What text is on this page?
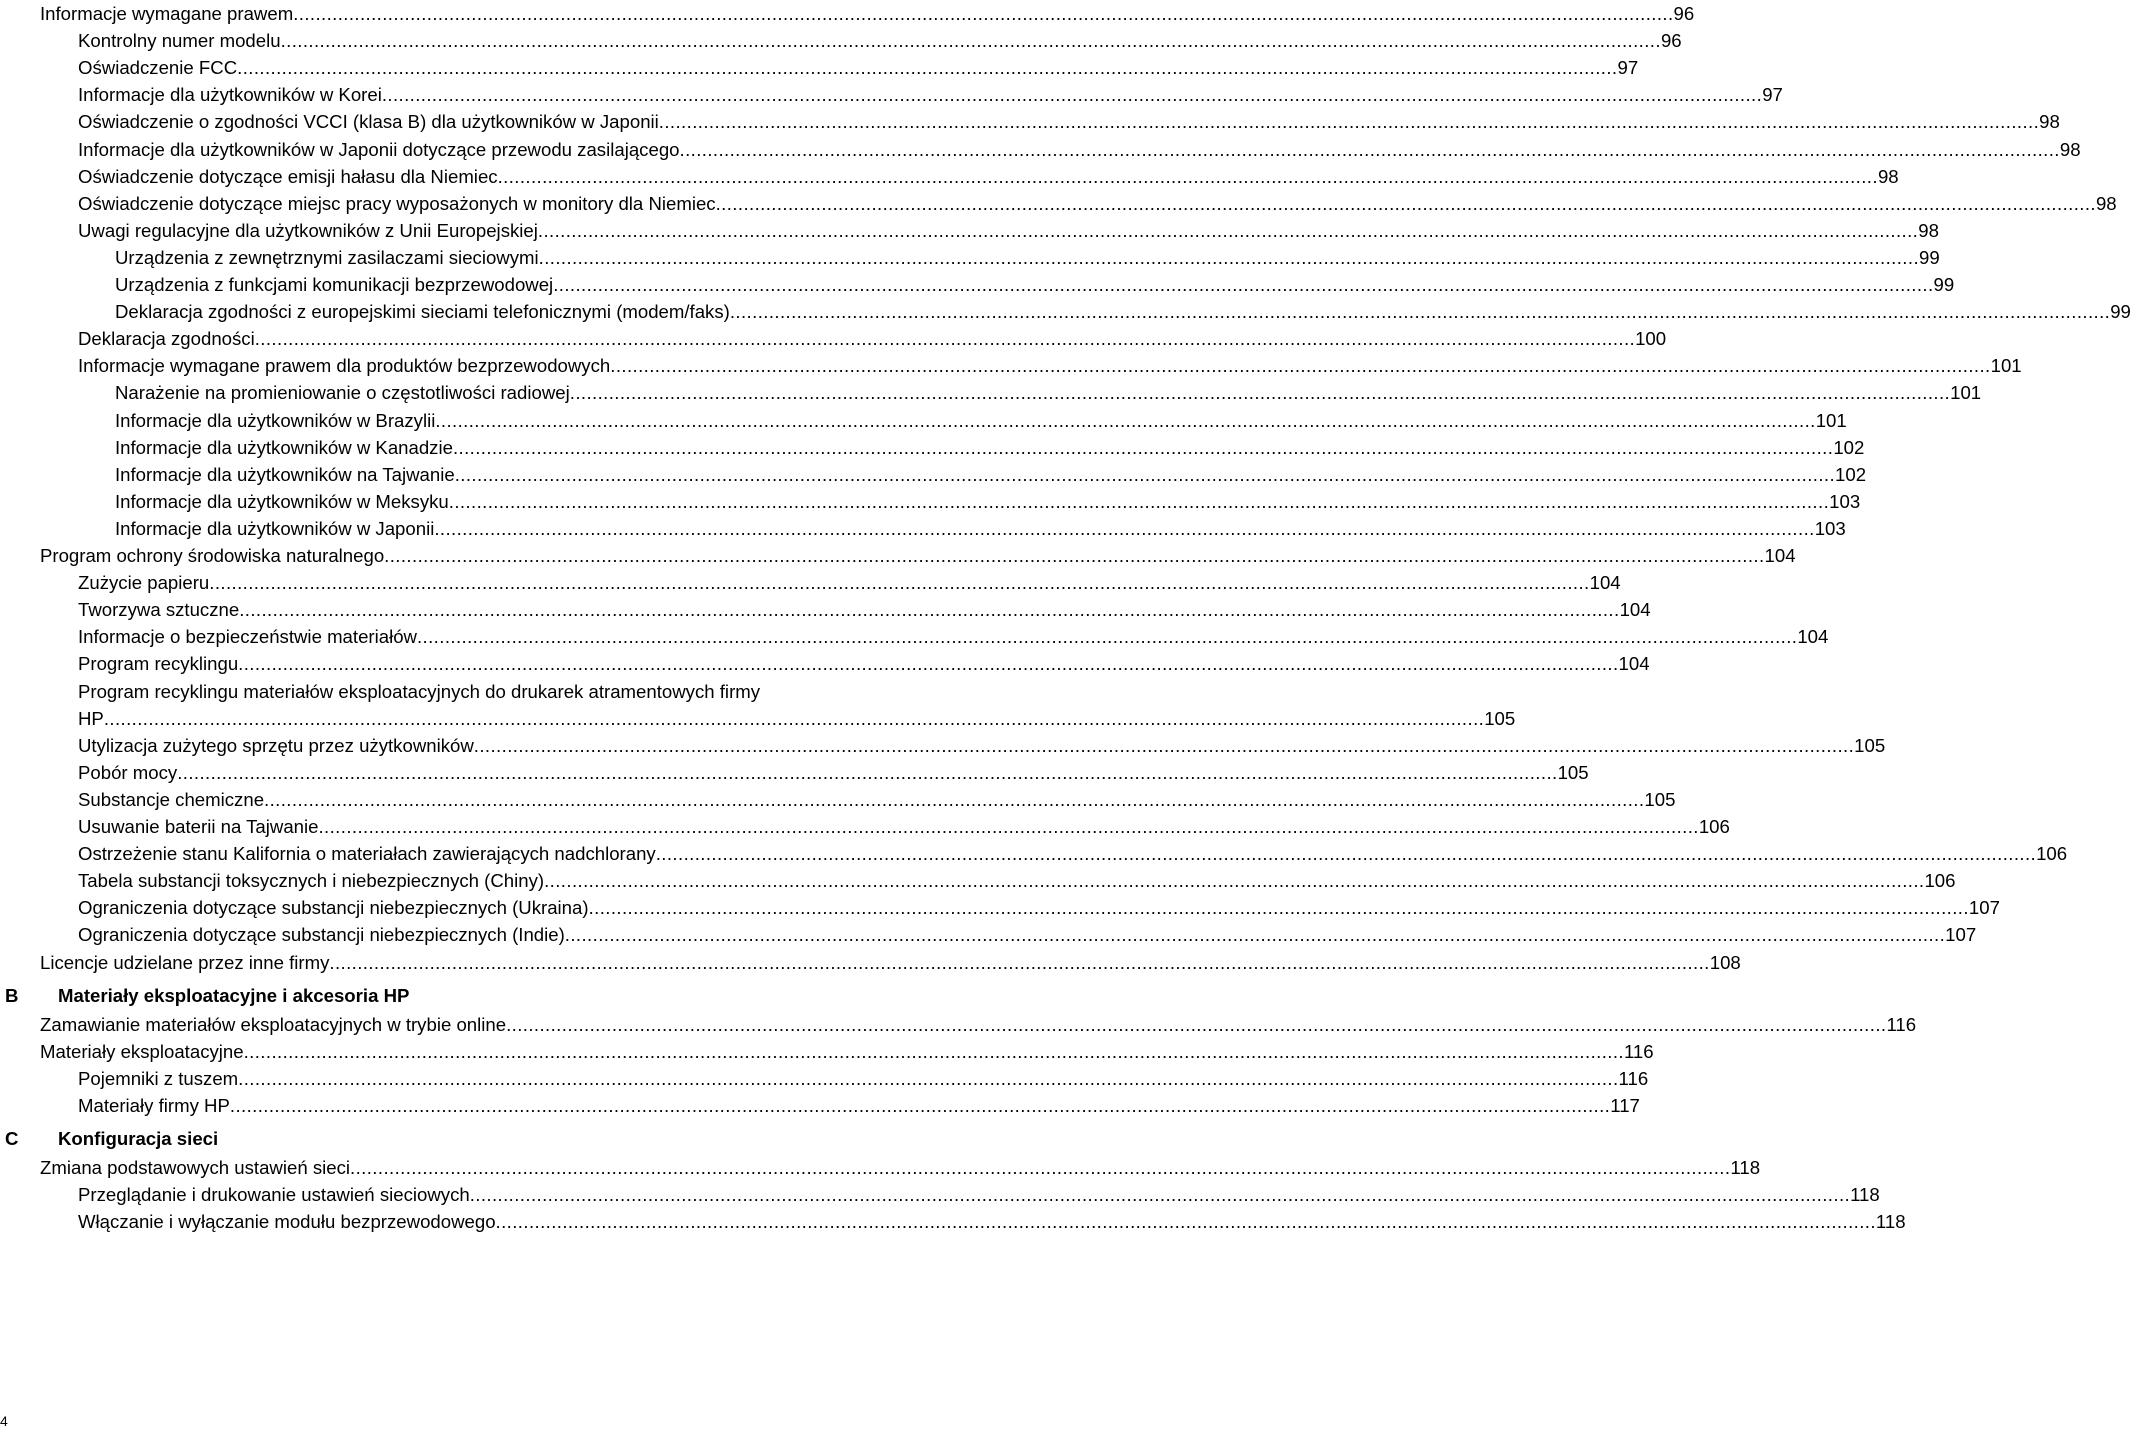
Informacje wymagane prawem .....	96
Kontrolny numer modelu .....	96
Oświadczenie FCC .....	97
Informacje dla użytkowników w Korei .....	97
Oświadczenie o zgodności VCCI (klasa B) dla użytkowników w Japonii .....	98
Informacje dla użytkowników w Japonii dotyczące przewodu zasilającego .....	98
Oświadczenie dotyczące emisji hałasu dla Niemiec .....	98
Oświadczenie dotyczące miejsc pracy wyposażonych w monitory dla Niemiec .....	98
Uwagi regulacyjne dla użytkowników z Unii Europejskiej .....	98
Urządzenia z zewnętrznymi zasilaczami sieciowymi .....	99
Urządzenia z funkcjami komunikacji bezprzewodowej .....	99
Deklaracja zgodności z europejskimi sieciami telefonicznymi (modem/faks) .....	99
Deklaracja zgodności .....	100
Informacje wymagane prawem dla produktów bezprzewodowych .....	101
Narażenie na promieniowanie o częstotliwości radiowej .....	101
Informacje dla użytkowników w Brazylii .....	101
Informacje dla użytkowników w Kanadzie .....	102
Informacje dla użytkowników na Tajwanie .....	102
Informacje dla użytkowników w Meksyku .....	103
Informacje dla użytkowników w Japonii .....	103
Program ochrony środowiska naturalnego .....	104
Zużycie papieru .....	104
Tworzywa sztuczne .....	104
Informacje o bezpieczeństwie materiałów .....	104
Program recyklingu .....	104
Program recyklingu materiałów eksploatacyjnych do drukarek atramentowych firmy
HP .....	105
Utylizacja zużytego sprzętu przez użytkowników .....	105
Pobór mocy .....	105
Substancje chemiczne .....	105
Usuwanie baterii na Tajwanie .....	106
Ostrzeżenie stanu Kalifornia o materiałach zawierających nadchlorany .....	106
Tabela substancji toksycznych i niebezpiecznych (Chiny) .....	106
Ograniczenia dotyczące substancji niebezpiecznych (Ukraina) .....	107
Ograniczenia dotyczące substancji niebezpiecznych (Indie) .....	107
Licencje udzielane przez inne firmy .....	108
B Materiały eksploatacyjne i akcesoria HP
Zamawianie materiałów eksploatacyjnych w trybie online .....	116
Materiały eksploatacyjne .....	116
Pojemniki z tuszem .....	116
Materiały firmy HP .....	117
C Konfiguracja sieci
Zmiana podstawowych ustawień sieci .....	118
Przeglądanie i drukowanie ustawień sieciowych .....	118
Włączanie i wyłączanie modułu bezprzewodowego .....	118
4
